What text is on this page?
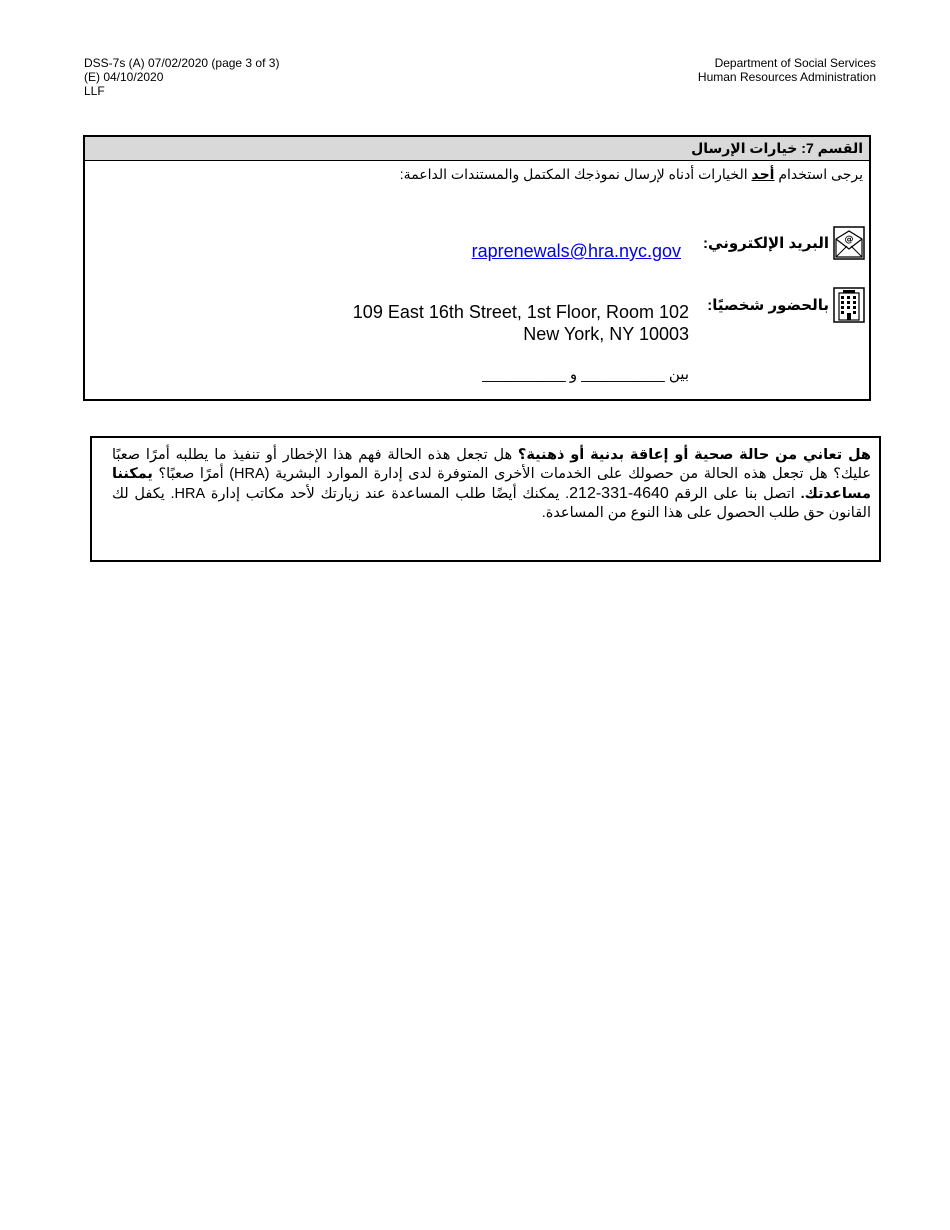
DSS-7s (A) 07/02/2020 (page 3 of 3)
(E) 04/10/2020
LLF
Department of Social Services
Human Resources Administration
القسم 7: خيارات الإرسال
يرجى استخدام أحد الخيارات أدناه لإرسال نموذجك المكتمل والمستندات الداعمة:
@
البريد الإلكتروني:
raprenewals@hra.nyc.gov
بالحضور شخصيًا:
109 East 16th Street, 1st Floor, Room 102
New York, NY 10003
بين __________ و __________

هل تعاني من حالة صحية أو إعاقة بدنية أو ذهنية؟ هل تجعل هذه الحالة فهم هذا الإخطار أو تنفيذ ما يطلبه أمرًا صعبًا عليك؟ هل تجعل هذه الحالة من حصولك على الخدمات الأخرى المتوفرة لدى إدارة الموارد البشرية (HRA) أمرًا صعبًا؟ يمكننا مساعدتك. اتصل بنا على الرقم 212-331-4640. يمكنك أيضًا طلب المساعدة عند زيارتك لأحد مكاتب إدارة HRA. يكفل لك القانون حق طلب الحصول على هذا النوع من المساعدة.
